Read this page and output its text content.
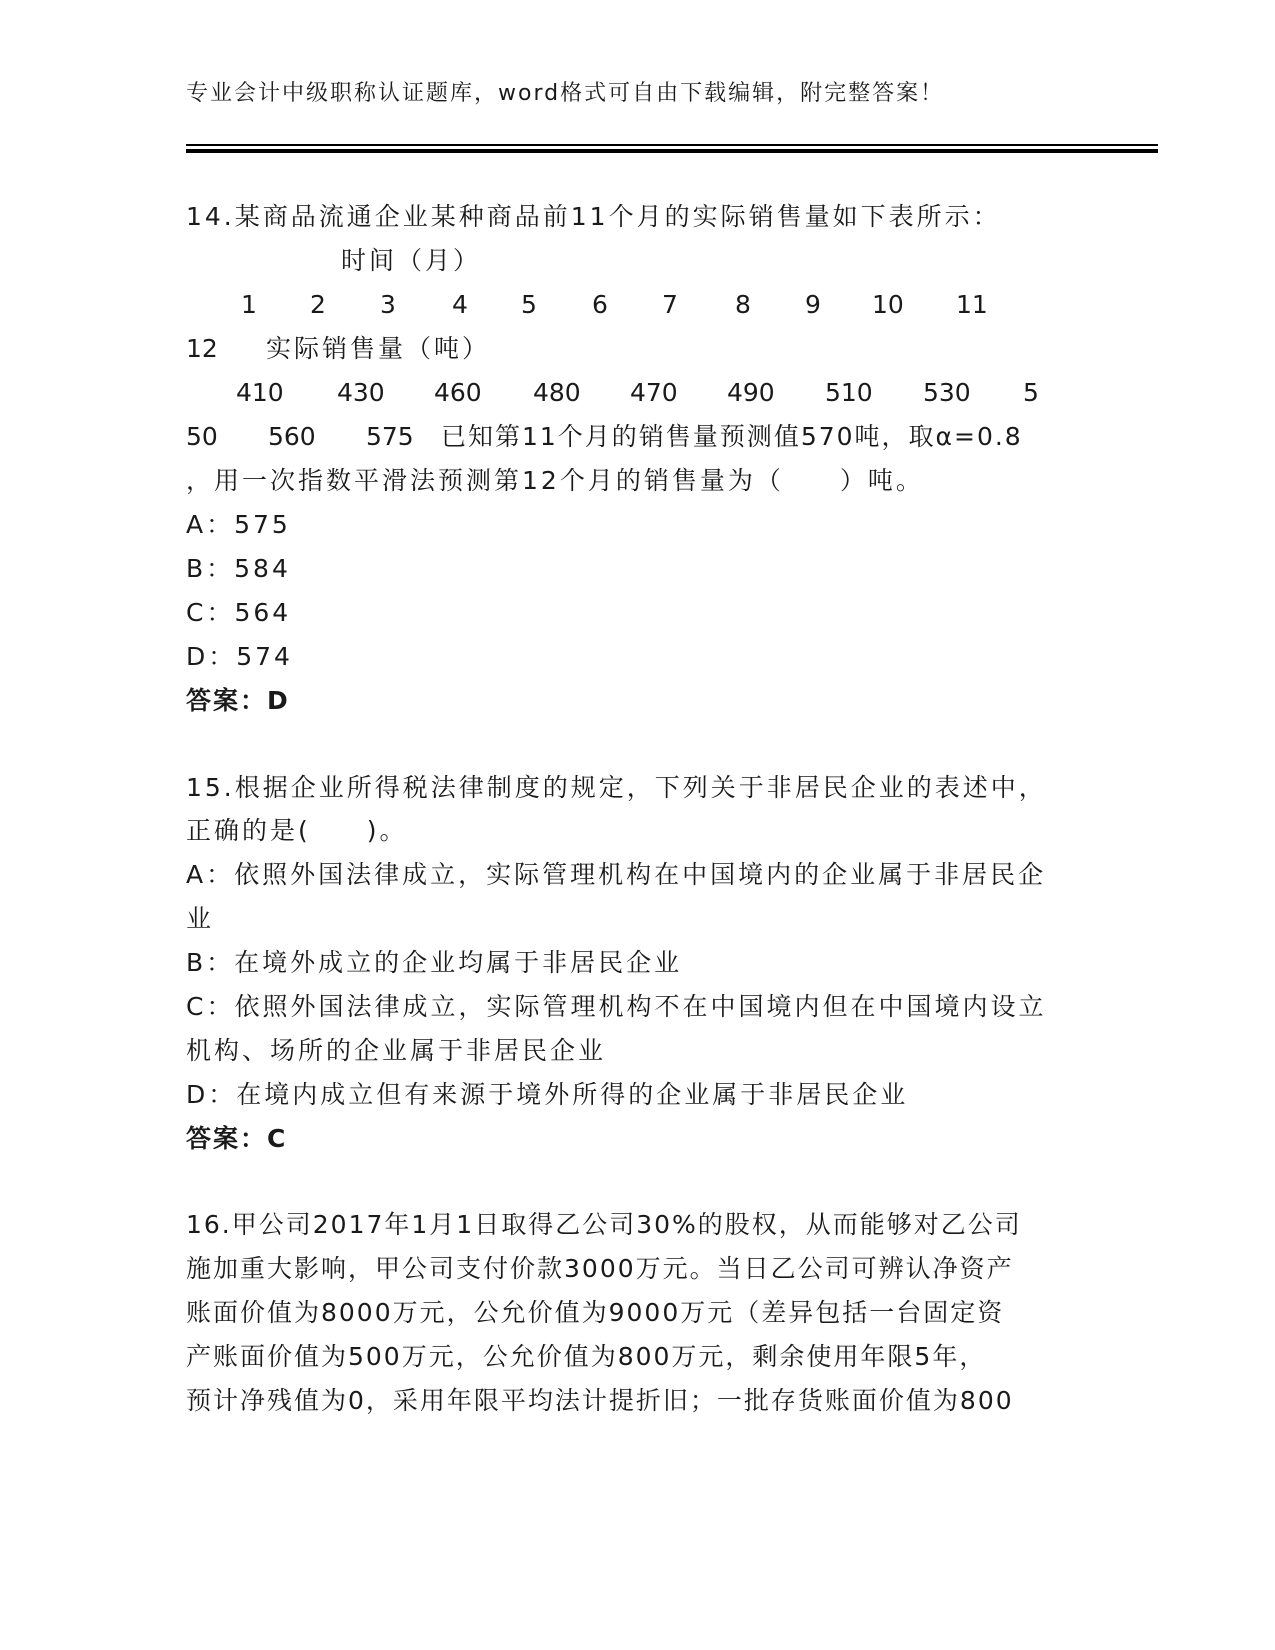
专业会计中级职称认证题库，word格式可自由下载编辑，附完整答案！
14.某商品流通企业某种商品前11个月的实际销售量如下表所示：
时间（月）
1 2 3 4 5 6 7 8 9 10 11
12 实际销售量（吨）
410 430 460 480 470 490 510 530 5
50 560 575 已知第11个月的销售量预测值570吨，取α=0.8
，用一次指数平滑法预测第12个月的销售量为（　　）吨。
A：575
B：584
C：564
D：574
答案：D
15.根据企业所得税法律制度的规定，下列关于非居民企业的表述中，
正确的是(　　)。
A：依照外国法律成立，实际管理机构在中国境内的企业属于非居民企
业
B：在境外成立的企业均属于非居民企业
C：依照外国法律成立，实际管理机构不在中国境内但在中国境内设立
机构、场所的企业属于非居民企业
D：在境内成立但有来源于境外所得的企业属于非居民企业
答案：C
16.甲公司2017年1月1日取得乙公司30%的股权，从而能够对乙公司
施加重大影响，甲公司支付价款3000万元。当日乙公司可辨认净资产
账面价值为8000万元，公允价值为9000万元（差异包括一台固定资
产账面价值为500万元，公允价值为800万元，剩余使用年限5年，
预计净残值为0，采用年限平均法计提折旧；一批存货账面价值为800
